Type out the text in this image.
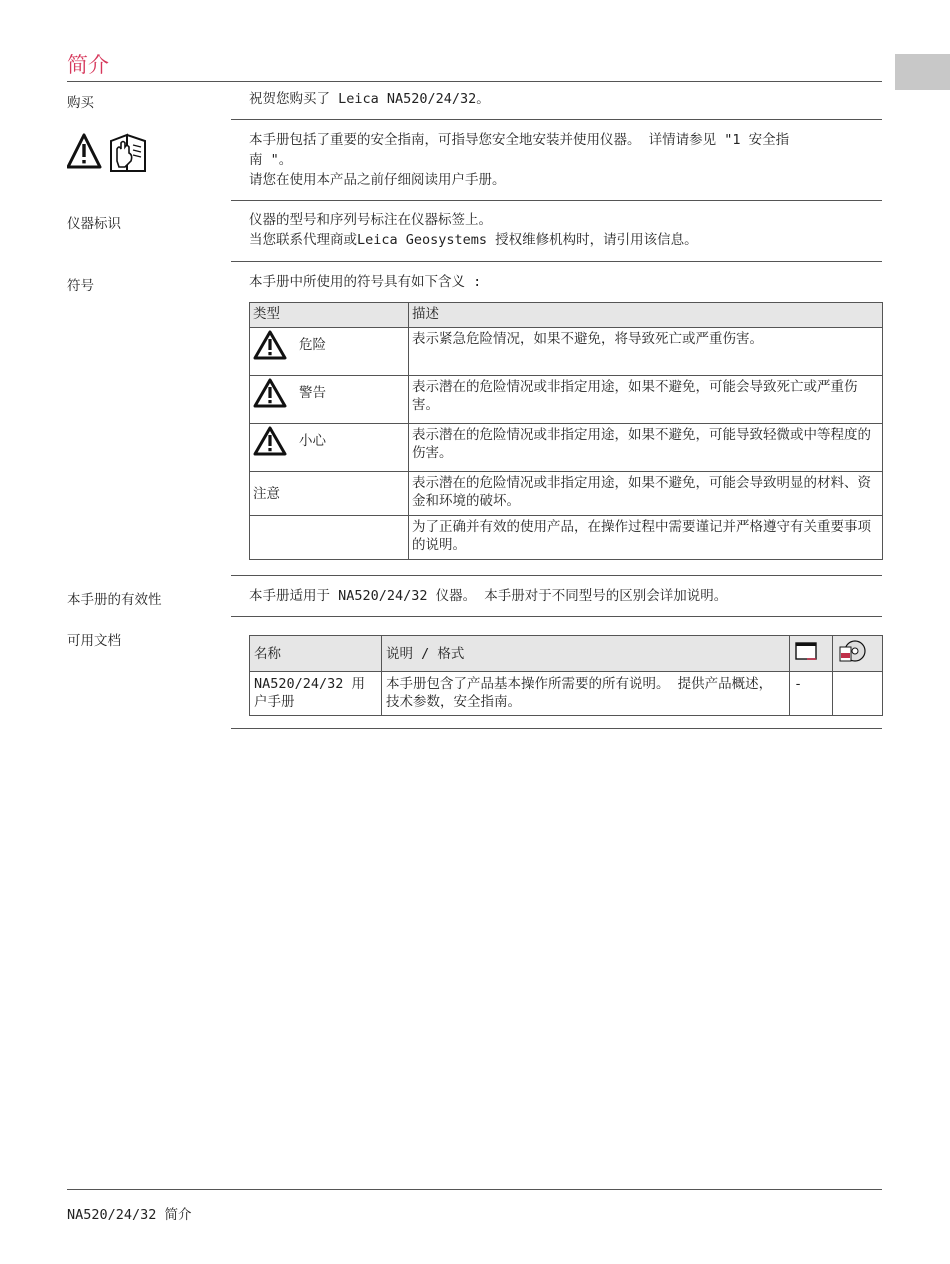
简介
购买	祝贺您购买了 Leica NA520/24/32。
本手册包括了重要的安全指南，可指导您安全地安装并使用仪器。 详情请参见 "1 安全指
南 "。
请您在使用本产品之前仔细阅读用户手册。
仪器标识	仪器的型号和序列号标注在仪器标签上。
当您联系代理商或Leica Geosystems 授权维修机构时，请引用该信息。
符号	本手册中所使用的符号具有如下含义 :
类型	描述

危险	表示紧急危险情况，如果不避免，将导致死亡或严重伤害。

警告	表示潜在的危险情况或非指定用途，如果不避免，可能会导致死亡或严重伤害。

小心	表示潜在的危险情况或非指定用途，如果不避免，可能导致轻微或中等程度的伤害。
注意	表示潜在的危险情况或非指定用途，如果不避免，可能会导致明显的材料、资金和环境的破坏。
	为了正确并有效的使用产品，在操作过程中需要谨记并严格遵守有关重要事项的说明。
本手册的有效性	本手册适用于 NA520/24/32 仪器。 本手册对于不同型号的区别会详加说明。
可用文档
名称	说明 / 格式		
NA520/24/32 用户手册	本手册包含了产品基本操作所需要的所有说明。 提供产品概述，技术参数，安全指南。	-	
NA520/24/32 简介
